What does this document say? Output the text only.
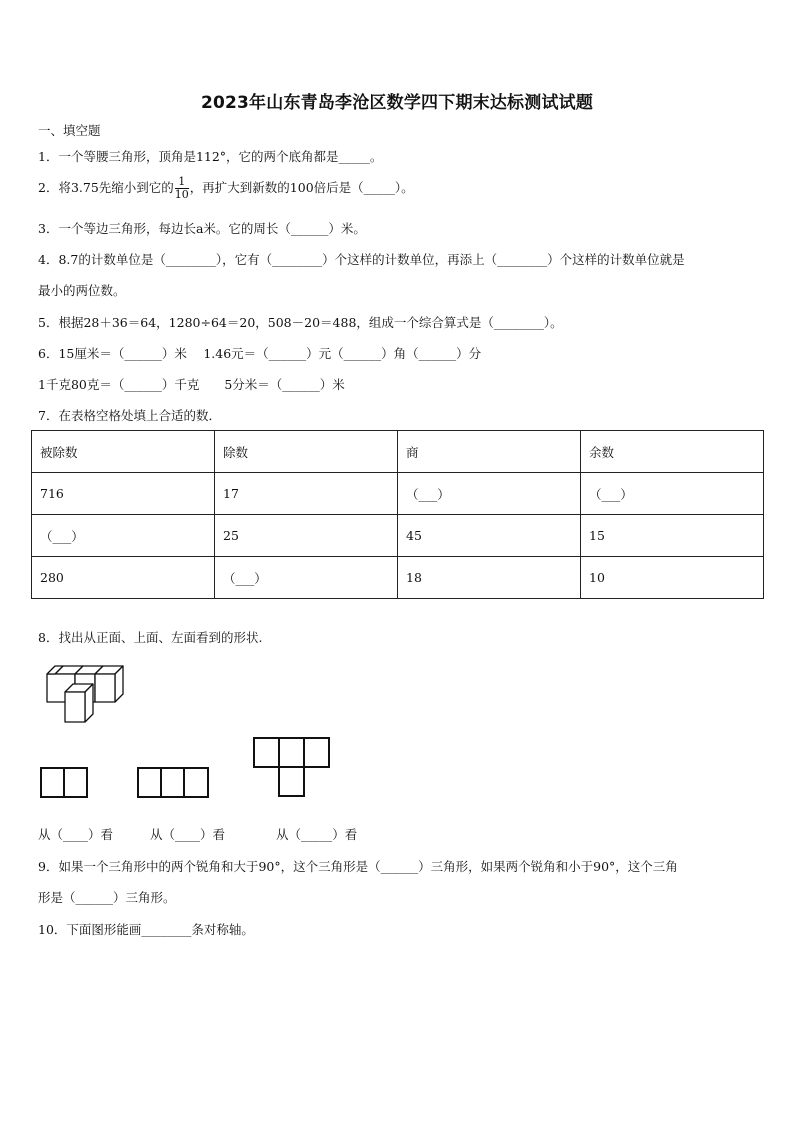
2023年山东青岛李沧区数学四下期末达标测试试题
一、填空题
1．一个等腰三角形，顶角是112°，它的两个底角都是_____。
2．将3.75先缩小到它的 $\frac{1}{10}$ ，再扩大到新数的100倍后是（_____）。
3．一个等边三角形，每边长a米。它的周长（______）米。
4．8.7的计数单位是（________），它有（________）个这样的计数单位，再添上（________）个这样的计数单位就是
最小的两位数。
5．根据28＋36＝64，1280÷64＝20，508－20＝488，组成一个综合算式是（________）。
6．15厘米＝（______）米　 1.46元＝（______）元（______）角（______）分
1千克80克＝（______）千克　　5分米＝（______）米
7．在表格空格处填上合适的数．
被除数	除数	商	余数
716	17	（___）	（___）
（___）	25	45	15
280	（___）	18	10
8．找出从正面、上面、左面看到的形状.
从（____）看	从（____）看	从（_____）看
9．如果一个三角形中的两个锐角和大于90°，这个三角形是（______）三角形，如果两个锐角和小于90°，这个三角
形是（______）三角形。
10．下面图形能画________条对称轴。
